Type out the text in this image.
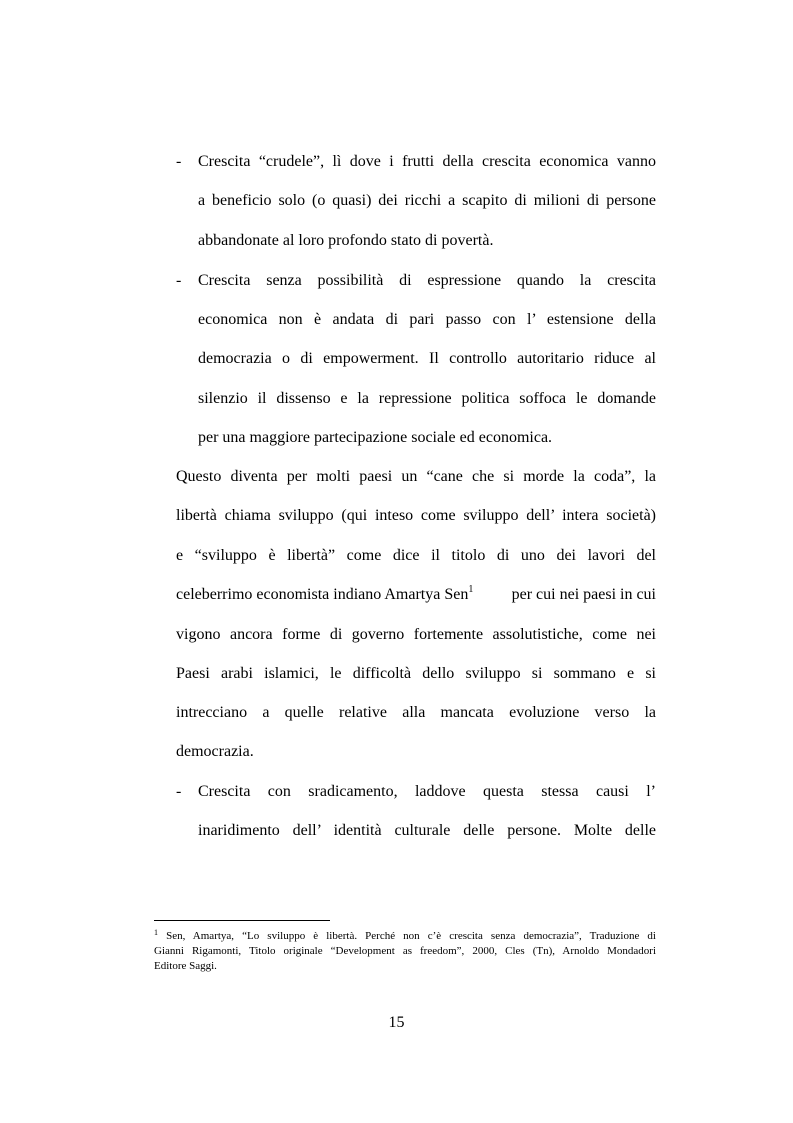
- Crescita “crudele”, lì dove i frutti della crescita economica vanno
a beneficio solo (o quasi) dei ricchi a scapito di milioni di persone
abbandonate al loro profondo stato di povertà.
- Crescita senza possibilità di espressione quando la crescita
economica non è andata di pari passo con l’ estensione della
democrazia o di empowerment. Il controllo autoritario riduce al
silenzio il dissenso e la repressione politica soffoca le domande
per una maggiore partecipazione sociale ed economica.
Questo diventa per molti paesi un “cane che si morde la coda”, la
libertà chiama sviluppo (qui inteso come sviluppo dell’ intera società)
e “sviluppo è libertà” come dice il titolo di uno dei lavori del
celeberrimo economista indiano Amartya Sen$^1$ per cui nei paesi in cui
vigono ancora forme di governo fortemente assolutistiche, come nei
Paesi arabi islamici, le difficoltà dello sviluppo si sommano e si
intrecciano a quelle relative alla mancata evoluzione verso la
democrazia.
- Crescita con sradicamento, laddove questa stessa causi l’
inaridimento dell’ identità culturale delle persone. Molte delle
$^1$ Sen, Amartya, “Lo sviluppo è libertà. Perché non c’è crescita senza democrazia”, Traduzione di
Gianni Rigamonti, Titolo originale “Development as freedom”, 2000, Cles (Tn), Arnoldo Mondadori
Editore Saggi.
15
